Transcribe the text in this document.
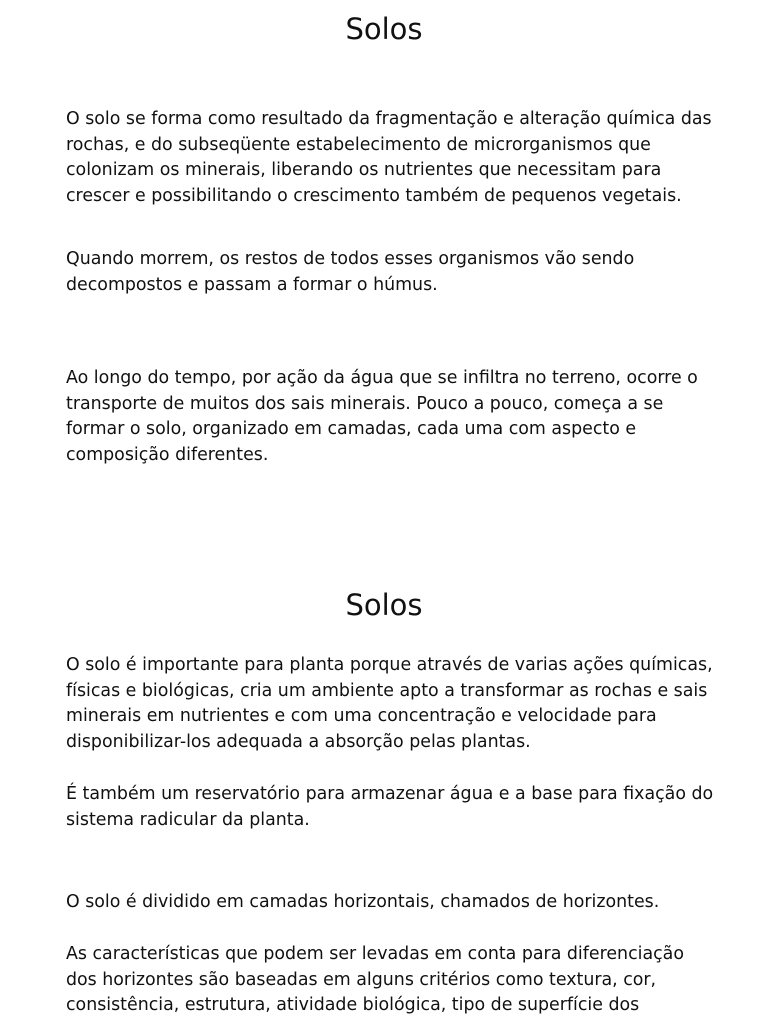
Solos

O solo se forma como resultado da fragmentação e alteração química das
rochas, e do subseqüente estabelecimento de microrganismos que
colonizam os minerais, liberando os nutrientes que necessitam para
crescer e possibilitando o crescimento também de pequenos vegetais.

Quando morrem, os restos de todos esses organismos vão sendo
decompostos e passam a formar o húmus.

Ao longo do tempo, por ação da água que se infiltra no terreno, ocorre o
transporte de muitos dos sais minerais. Pouco a pouco, começa a se
formar o solo, organizado em camadas, cada uma com aspecto e
composição diferentes.

Solos

O solo é importante para planta porque através de varias ações químicas,
físicas e biológicas, cria um ambiente apto a transformar as rochas e sais
minerais em nutrientes e com uma concentração e velocidade para
disponibilizar-los adequada a absorção pelas plantas.

É também um reservatório para armazenar água e a base para fixação do
sistema radicular da planta.

O solo é dividido em camadas horizontais, chamados de horizontes.

As características que podem ser levadas em conta para diferenciação
dos horizontes são baseadas em alguns critérios como textura, cor,
consistência, estrutura, atividade biológica, tipo de superfície dos
